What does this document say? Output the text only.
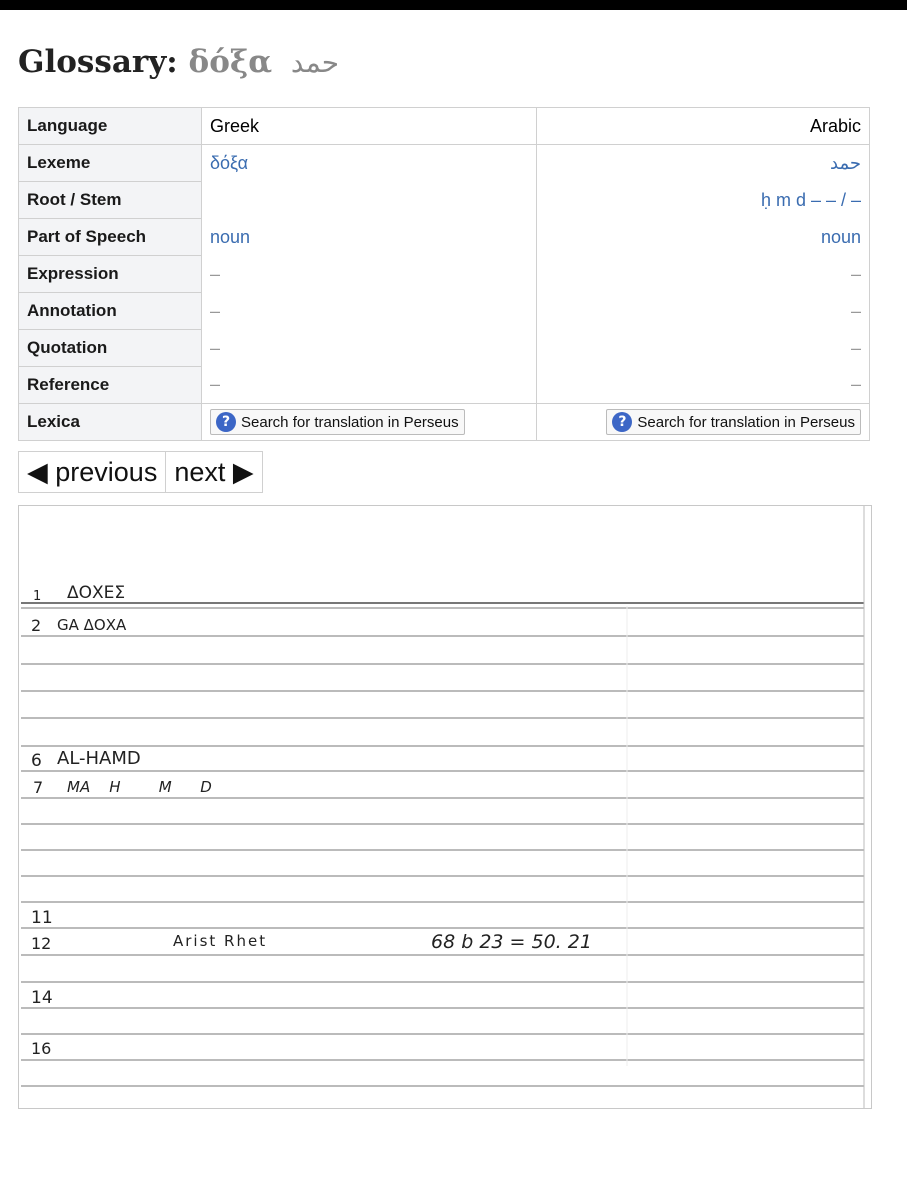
Glossary: δόξα حمد
Language	Greek	Arabic
Lexeme	δόξα	حمد
Root / Stem		ḥ m d – – / –
Part of Speech	noun	noun
Expression	–	–
Annotation	–	–
Quotation	–	–
Reference	–	–
Lexica	? Search for translation in Perseus	? Search for translation in Perseus
◀ previous next ▶
1 ΔΟΧΕΣ
2 GA ΔΟΧΑ
6 AL-HAMD
7 MA    H        M      D
11
12	Arist Rhet	68 b 23 = 50. 21
14
16
